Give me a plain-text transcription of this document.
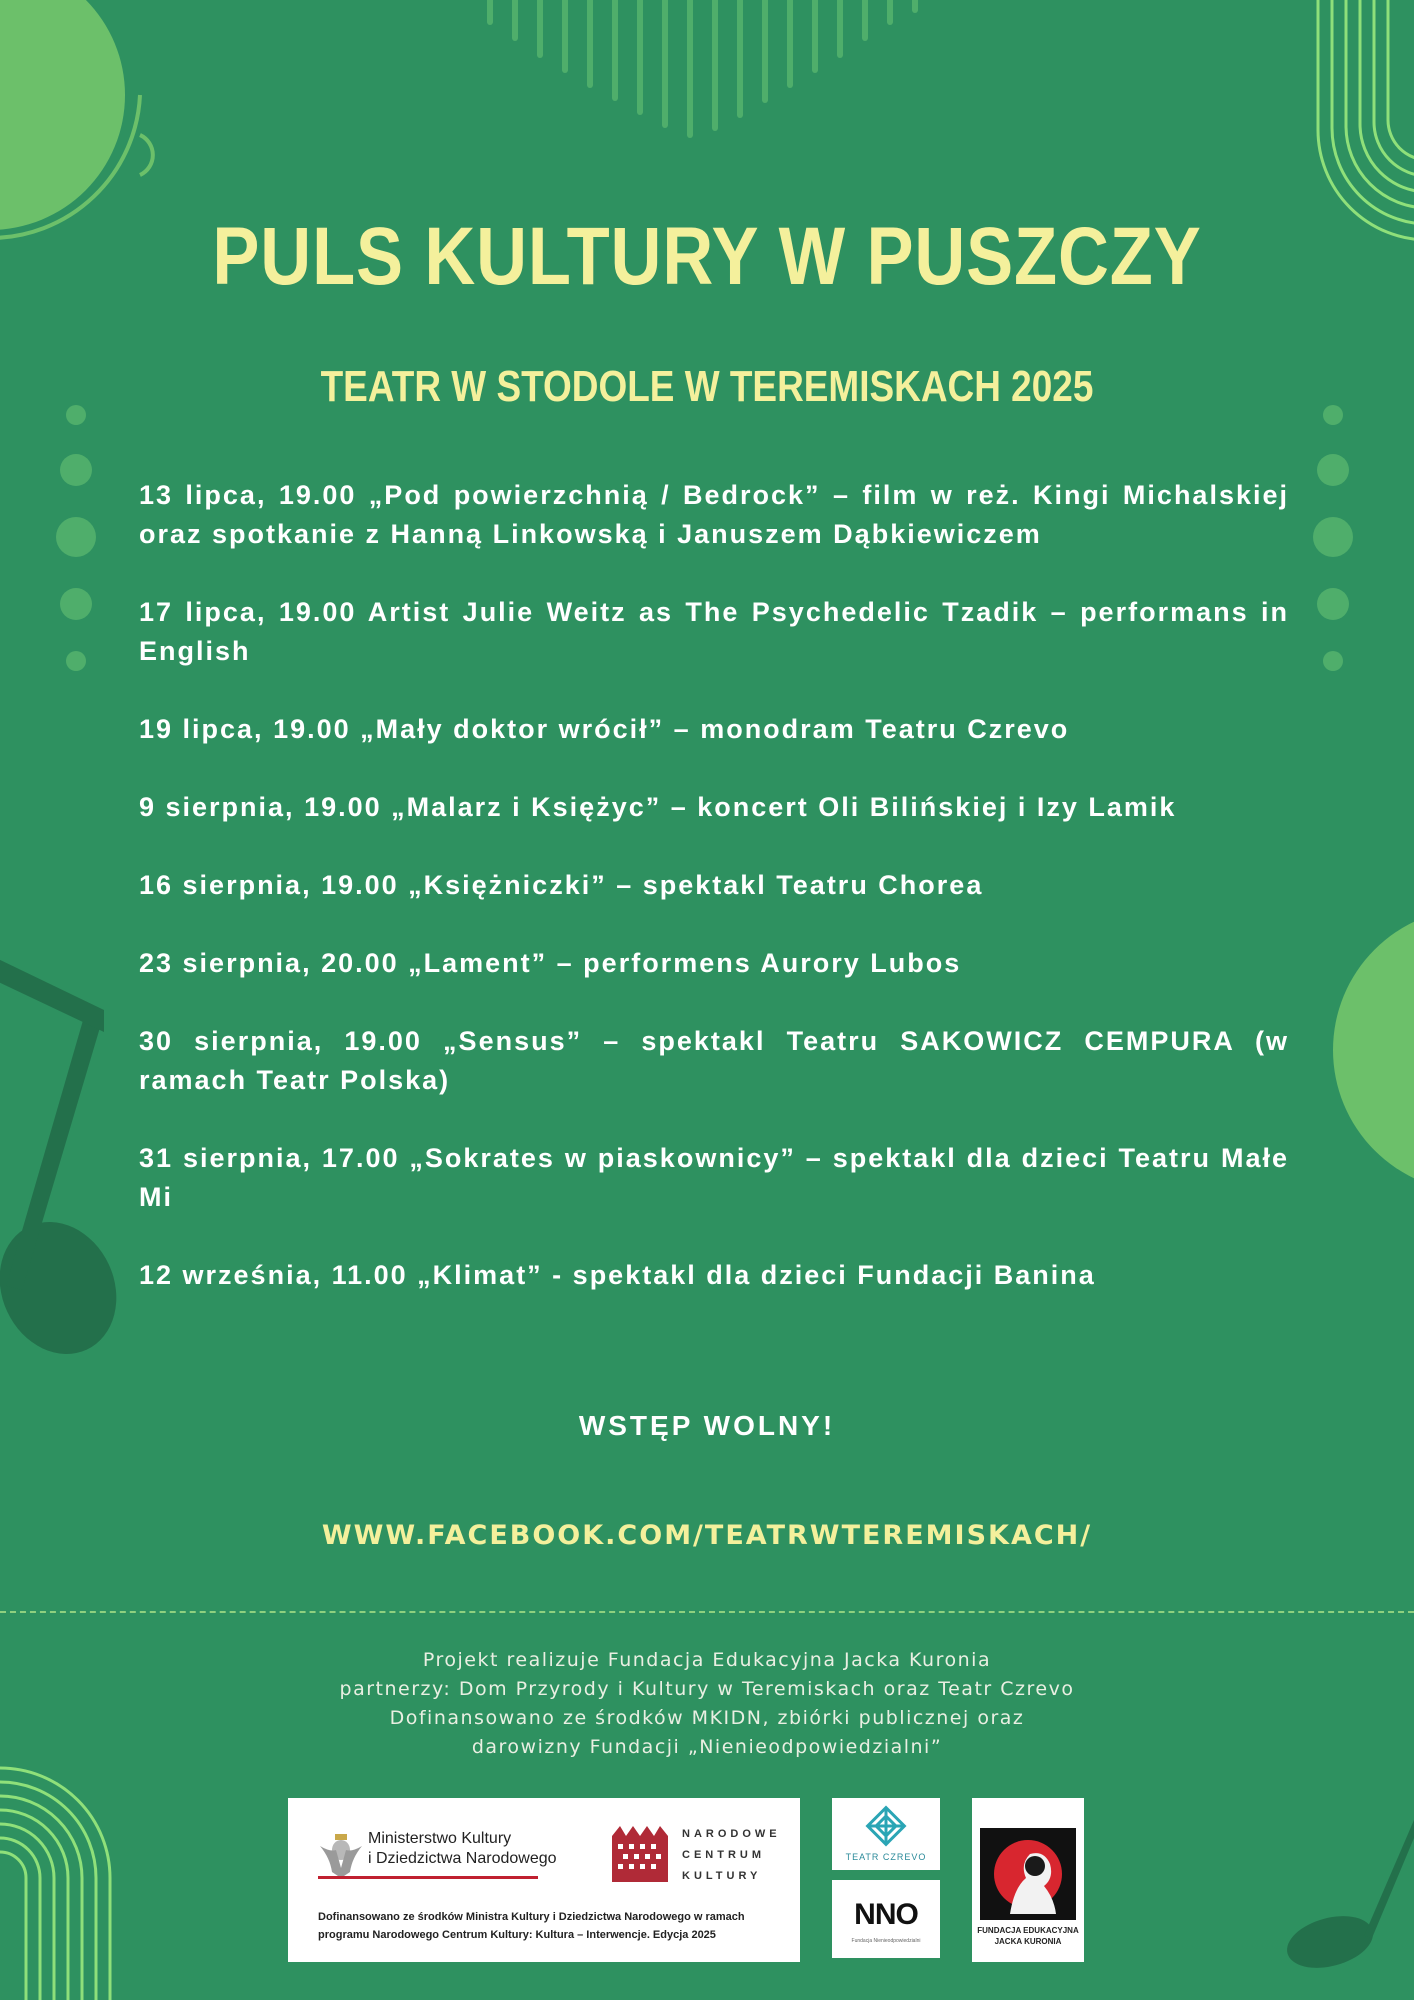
PULS KULTURY W PUSZCZY
TEATR W STODOLE W TEREMISKACH 2025
13 lipca, 19.00 „Pod powierzchnią / Bedrock” – film w reż. Kingi Michalskiej oraz spotkanie z Hanną Linkowską i Januszem Dąbkiewiczem
17 lipca, 19.00 Artist Julie Weitz as The Psychedelic Tzadik – performans in English
19 lipca, 19.00 „Mały doktor wrócił” – monodram Teatru Czrevo
9 sierpnia, 19.00 „Malarz i Księżyc” – koncert Oli Bilińskiej i Izy Lamik
16 sierpnia, 19.00 „Księżniczki” – spektakl Teatru Chorea
23 sierpnia, 20.00 „Lament” – performens Aurory Lubos
30 sierpnia, 19.00 „Sensus” – spektakl Teatru SAKOWICZ CEMPURA (w ramach Teatr Polska)
31 sierpnia, 17.00 „Sokrates w piaskownicy” – spektakl dla dzieci Teatru Małe Mi
12 września, 11.00 „Klimat” - spektakl dla dzieci Fundacji Banina
WSTĘP WOLNY!
WWW.FACEBOOK.COM/TEATRWTEREMISKACH/
Projekt realizuje Fundacja Edukacyjna Jacka Kuronia
partnerzy: Dom Przyrody i Kultury w Teremiskach oraz Teatr Czrevo
Dofinansowano ze środków MKIDN, zbiórki publicznej oraz
darowizny Fundacji „Nienieodpowiedzialni”
Ministerstwo Kultury
i Dziedzictwa Narodowego
NARODOWE
CENTRUM
KULTURY
Dofinansowano ze środków Ministra Kultury i Dziedzictwa Narodowego w ramach programu Narodowego Centrum Kultury: Kultura – Interwencje. Edycja 2025
TEATR CZREVO
NNO
Fundacja Nienieodpowiedzialni
FUNDACJA EDUKACYJNA
JACKA KURONIA
